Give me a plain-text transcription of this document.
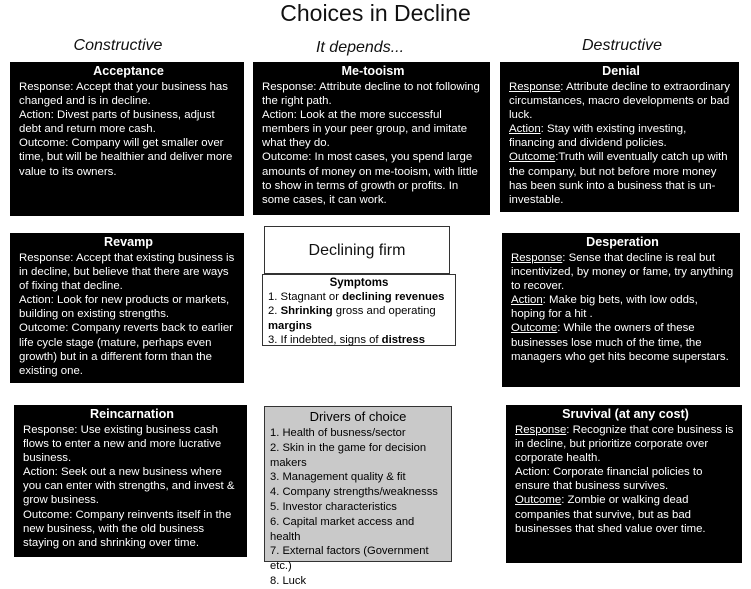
Choices in Decline
Constructive	It depends...	Destructive
Acceptance

Response: Accept that your business has changed and is in decline.

Action: Divest parts of business, adjust debt and return more cash.

Outcome: Company will get smaller over time, but will be healthier and deliver more value to its owners.

Me-tooism

Response: Attribute decline to not following the right path.

Action: Look at the more successful members in your peer group, and imitate what they do.

Outcome: In most cases, you spend large amounts of money on me-tooism, with little to show in terms of growth or profits. In some cases, it can work.

Denial

Response: Attribute decline to extraordinary circumstances, macro developments or bad luck.

Action: Stay with existing investing, financing and dividend policies.

Outcome:Truth will eventually catch up with the company, but not before more money has been sunk into a business that is un-investable.

Revamp

Response: Accept that existing business is in decline, but believe that there are ways of fixing that decline.

Action: Look for new products or markets, building on existing strengths.

Outcome: Company reverts back to earlier life cycle stage (mature, perhaps even growth) but in a different form than the existing one.

Declining firm
Symptoms
1. Stagnant or declining revenues
2. Shrinking gross and operating
margins
3. If indebted, signs of distress
Desperation

Response: Sense that decline is real but incentivized, by money or fame, try anything to recover.

Action: Make big bets, with low odds, hoping for a hit .

Outcome: While the owners of these businesses lose much of the time, the managers who get hits become superstars.

Reincarnation

Response: Use existing business cash flows to enter a new and more lucrative business.

Action: Seek out a new business where you can enter with strengths, and invest & grow business.

Outcome: Company reinvents itself in the new business, with the old business staying on and shrinking over time.

Drivers of choice
1. Health of busness/sector
2. Skin in the game for decision makers
3. Management quality & fit
4. Company strengths/weaknesss
5. Investor characteristics
6. Capital market access and health
7. External factors (Government etc.)
8. Luck
Sruvival (at any cost)

Response: Recognize that core business is in decline, but prioritize corporate over corporate health.

Action: Corporate financial policies to ensure that business survives.

Outcome: Zombie or walking dead companies that survive, but as bad businesses that shed value over time.
